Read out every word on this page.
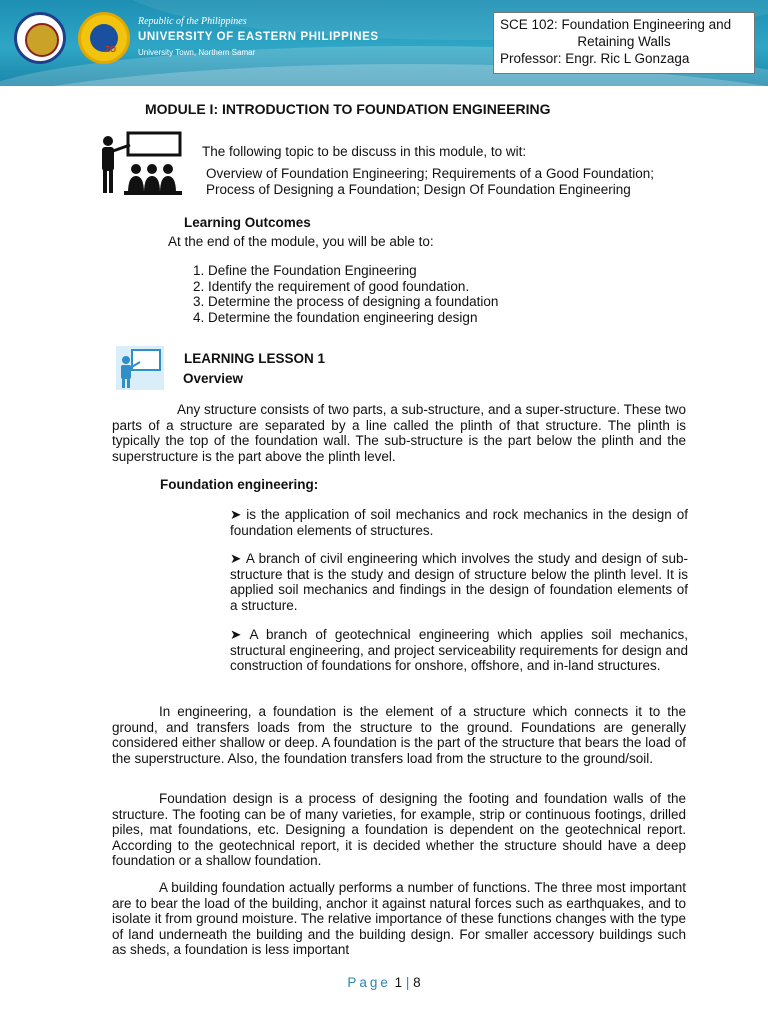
ZO
Republic of the Philippines
UNIVERSITY OF EASTERN PHILIPPINES
University Town, Northern Samar
SCE 102: Foundation Engineering and
Retaining Walls
Professor: Engr. Ric L Gonzaga
MODULE I: INTRODUCTION TO FOUNDATION ENGINEERING
The following topic to be discuss in this module, to wit:
Overview of Foundation Engineering; Requirements of a Good Foundation;
Process of Designing a Foundation; Design Of Foundation Engineering
Learning Outcomes
At the end of the module, you will be able to:
1. Define the Foundation Engineering
2. Identify the requirement of good foundation.
3. Determine the process of designing a foundation
4. Determine the foundation engineering design
LEARNING LESSON 1
Overview

Any structure consists of two parts, a sub-structure, and a super-structure. These two parts of a structure are separated by a line called the plinth of that structure. The plinth is typically the top of the foundation wall. The sub-structure is the part below the plinth and the superstructure is the part above the plinth level.

Foundation engineering:
➤ is the application of soil mechanics and rock mechanics in the design of foundation elements of structures.
➤ A branch of civil engineering which involves the study and design of sub-structure that is the study and design of structure below the plinth level. It is applied soil mechanics and findings in the design of foundation elements of a structure.
➤ A branch of geotechnical engineering which applies soil mechanics, structural engineering, and project serviceability requirements for design and construction of foundations for onshore, offshore, and in-land structures.

In engineering, a foundation is the element of a structure which connects it to the ground, and transfers loads from the structure to the ground. Foundations are generally considered either shallow or deep. A foundation is the part of the structure that bears the load of the superstructure. Also, the foundation transfers load from the structure to the ground/soil.

Foundation design is a process of designing the footing and foundation walls of the structure. The footing can be of many varieties, for example, strip or continuous footings, drilled piles, mat foundations, etc. Designing a foundation is dependent on the geotechnical report. According to the geotechnical report, it is decided whether the structure should have a deep foundation or a shallow foundation.

A building foundation actually performs a number of functions. The three most important are to bear the load of the building, anchor it against natural forces such as earthquakes, and to isolate it from ground moisture. The relative importance of these functions changes with the type of land underneath the building and the building design. For smaller accessory buildings such as sheds, a foundation is less important

Page 1 | 8
